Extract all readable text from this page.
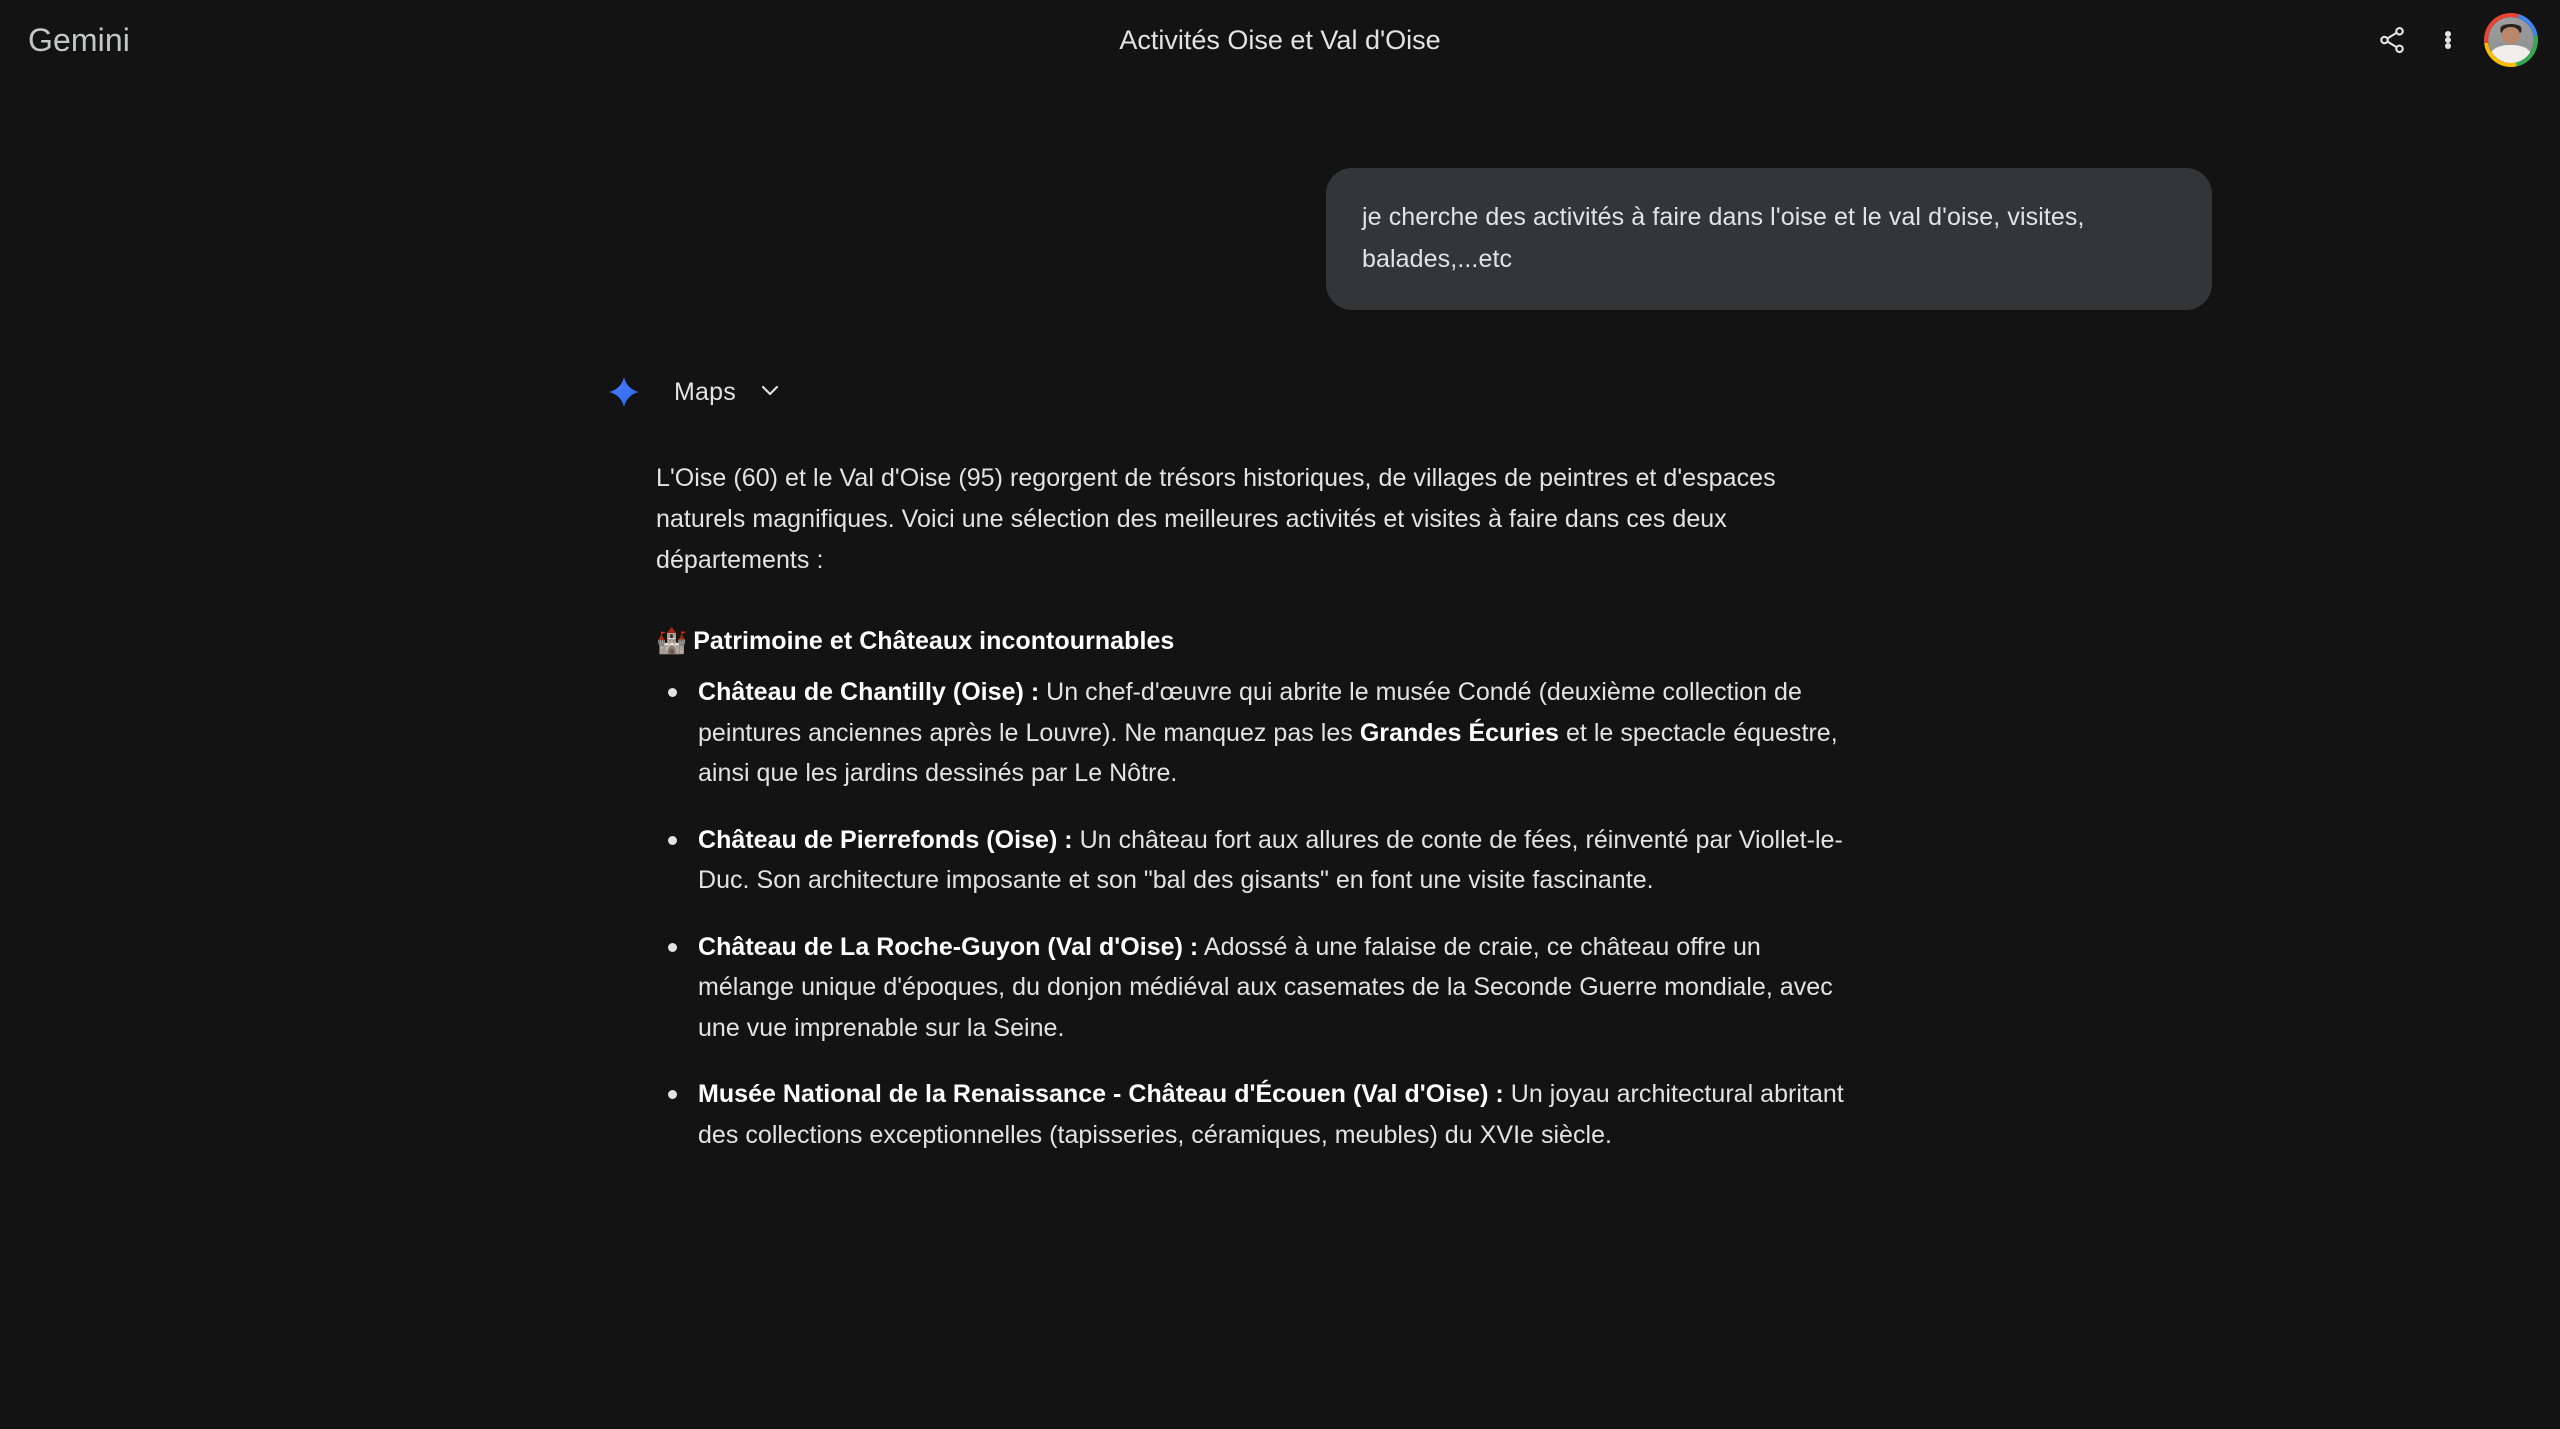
Gemini	Activités Oise et Val d'Oise
je cherche des activités à faire dans l'oise et le val d'oise, visites, balades,...etc
Maps

L'Oise (60) et le Val d'Oise (95) regorgent de trésors historiques, de villages de peintres et d'espaces naturels magnifiques. Voici une sélection des meilleures activités et visites à faire dans ces deux départements :

🏰 Patrimoine et Châteaux incontournables
Château de Chantilly (Oise) : Un chef-d'œuvre qui abrite le musée Condé (deuxième collection de peintures anciennes après le Louvre). Ne manquez pas les Grandes Écuries et le spectacle équestre, ainsi que les jardins dessinés par Le Nôtre.
Château de Pierrefonds (Oise) : Un château fort aux allures de conte de fées, réinventé par Viollet-le-Duc. Son architecture imposante et son "bal des gisants" en font une visite fascinante.
Château de La Roche-Guyon (Val d'Oise) : Adossé à une falaise de craie, ce château offre un mélange unique d'époques, du donjon médiéval aux casemates de la Seconde Guerre mondiale, avec une vue imprenable sur la Seine.
Musée National de la Renaissance - Château d'Écouen (Val d'Oise) : Un joyau architectural abritant des collections exceptionnelles (tapisseries, céramiques, meubles) du XVIe siècle.
